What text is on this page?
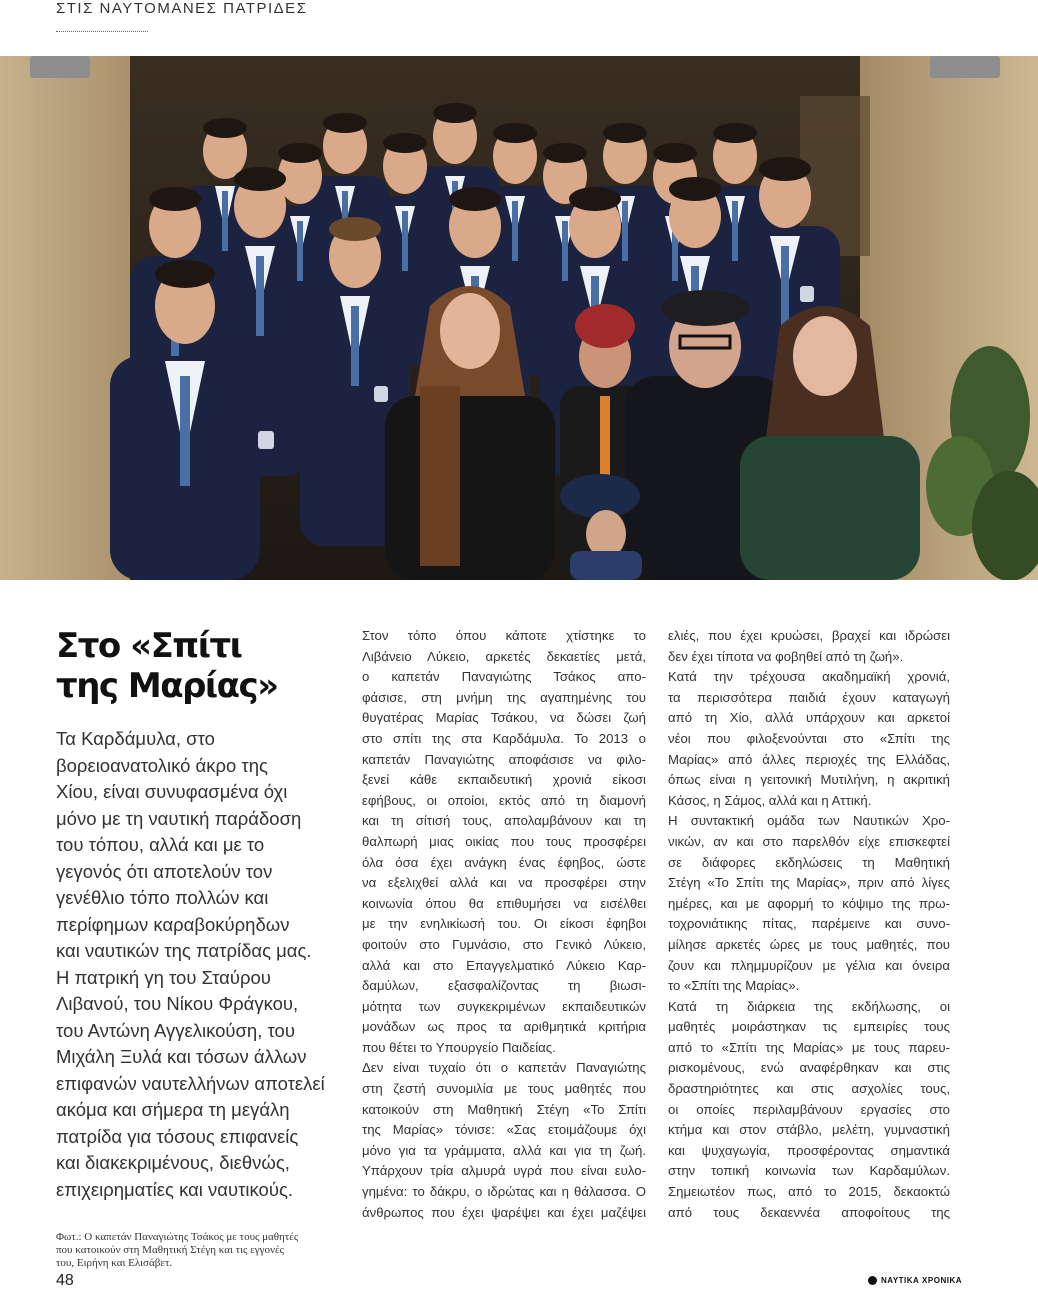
ΣΤΙΣ ΝΑΥΤΟΜΑΝΕΣ ΠΑΤΡΙΔΕΣ
Στο «Σπίτι
της Μαρίας»

Τα Καρδάμυλα, στο
βορειοανατολικό άκρο της
Χίου, είναι συνυφασμένα όχι
μόνο με τη ναυτική παράδοση
του τόπου, αλλά και με το
γεγονός ότι αποτελούν τον
γενέθλιο τόπο πολλών και
περίφημων καραβοκύρηδων
και ναυτικών της πατρίδας μας.
Η πατρική γη του Σταύρου
Λιβανού, του Νίκου Φράγκου,
του Αντώνη Αγγελικούση, του
Μιχάλη Ξυλά και τόσων άλλων
επιφανών ναυτελλήνων αποτελεί
ακόμα και σήμερα τη μεγάλη
πατρίδα για τόσους επιφανείς
και διακεκριμένους, διεθνώς,
επιχειρηματίες και ναυτικούς.

Φωτ.: Ο καπετάν Παναγιώτης Τσάκος με τους μαθητές
που κατοικούν στη Μαθητική Στέγη και τις εγγονές
του, Ειρήνη και Ελισάβετ.

Στον τόπο όπου κάποτε χτίστηκε το
Λιβάνειο Λύκειο, αρκετές δεκαετίες μετά,
ο καπετάν Παναγιώτης Τσάκος απο-
φάσισε, στη μνήμη της αγαπημένης του
θυγατέρας Μαρίας Τσάκου, να δώσει ζωή
στο σπίτι της στα Καρδάμυλα. Το 2013 ο
καπετάν Παναγιώτης αποφάσισε να φιλο-
ξενεί κάθε εκπαιδευτική χρονιά είκοσι
εφήβους, οι οποίοι, εκτός από τη διαμονή
και τη σίτισή τους, απολαμβάνουν και τη
θαλπωρή μιας οικίας που τους προσφέρει
όλα όσα έχει ανάγκη ένας έφηβος, ώστε
να εξελιχθεί αλλά και να προσφέρει στην
κοινωνία όπου θα επιθυμήσει να εισέλθει
με την ενηλικίωσή του. Οι είκοσι έφηβοι
φοιτούν στο Γυμνάσιο, στο Γενικό Λύκειο,
αλλά και στο Επαγγελματικό Λύκειο Καρ-
δαμύλων, εξασφαλίζοντας τη βιωσι-
μότητα των συγκεκριμένων εκπαιδευτικών
μονάδων ως προς τα αριθμητικά κριτήρια
που θέτει το Υπουργείο Παιδείας.
Δεν είναι τυχαίο ότι ο καπετάν Παναγιώτης
στη ζεστή συνομιλία με τους μαθητές που
κατοικούν στη Μαθητική Στέγη «Το Σπίτι
της Μαρίας» τόνισε: «Σας ετοιμάζουμε όχι
μόνο για τα γράμματα, αλλά και για τη ζωή.
Υπάρχουν τρία αλμυρά υγρά που είναι ευλο-
γημένα: το δάκρυ, ο ιδρώτας και η θάλασσα. Ο
άνθρωπος που έχει ψαρέψει και έχει μαζέψει

ελιές, που έχει κρυώσει, βραχεί και ιδρώσει
δεν έχει τίποτα να φοβηθεί από τη ζωή».
Κατά την τρέχουσα ακαδημαϊκή χρονιά,
τα περισσότερα παιδιά έχουν καταγωγή
από τη Χίο, αλλά υπάρχουν και αρκετοί
νέοι που φιλοξενούνται στο «Σπίτι της
Μαρίας» από άλλες περιοχές της Ελλάδας,
όπως είναι η γειτονική Μυτιλήνη, η ακριτική
Κάσος, η Σάμος, αλλά και η Αττική.
Η συντακτική ομάδα των Ναυτικών Χρο-
νικών, αν και στο παρελθόν είχε επισκεφτεί
σε διάφορες εκδηλώσεις τη Μαθητική
Στέγη «Το Σπίτι της Μαρίας», πριν από λίγες
ημέρες, και με αφορμή το κόψιμο της πρω-
τοχρονιάτικης πίτας, παρέμεινε και συνο-
μίλησε αρκετές ώρες με τους μαθητές, που
ζουν και πλημμυρίζουν με γέλια και όνειρα
το «Σπίτι της Μαρίας».
Κατά τη διάρκεια της εκδήλωσης, οι
μαθητές μοιράστηκαν τις εμπειρίες τους
από το «Σπίτι της Μαρίας» με τους παρευ-
ρισκομένους, ενώ αναφέρθηκαν και στις
δραστηριότητες και στις ασχολίες τους,
οι οποίες περιλαμβάνουν εργασίες στο
κτήμα και στον στάβλο, μελέτη, γυμναστική
και ψυχαγωγία, προσφέροντας σημαντικά
στην τοπική κοινωνία των Καρδαμύλων.
Σημειωτέον πως, από το 2015, δεκαοκτώ
από τους δεκαεννέα αποφοίτους της

48	ΝΑΥΤΙΚΑ ΧΡΟΝΙΚΑ
